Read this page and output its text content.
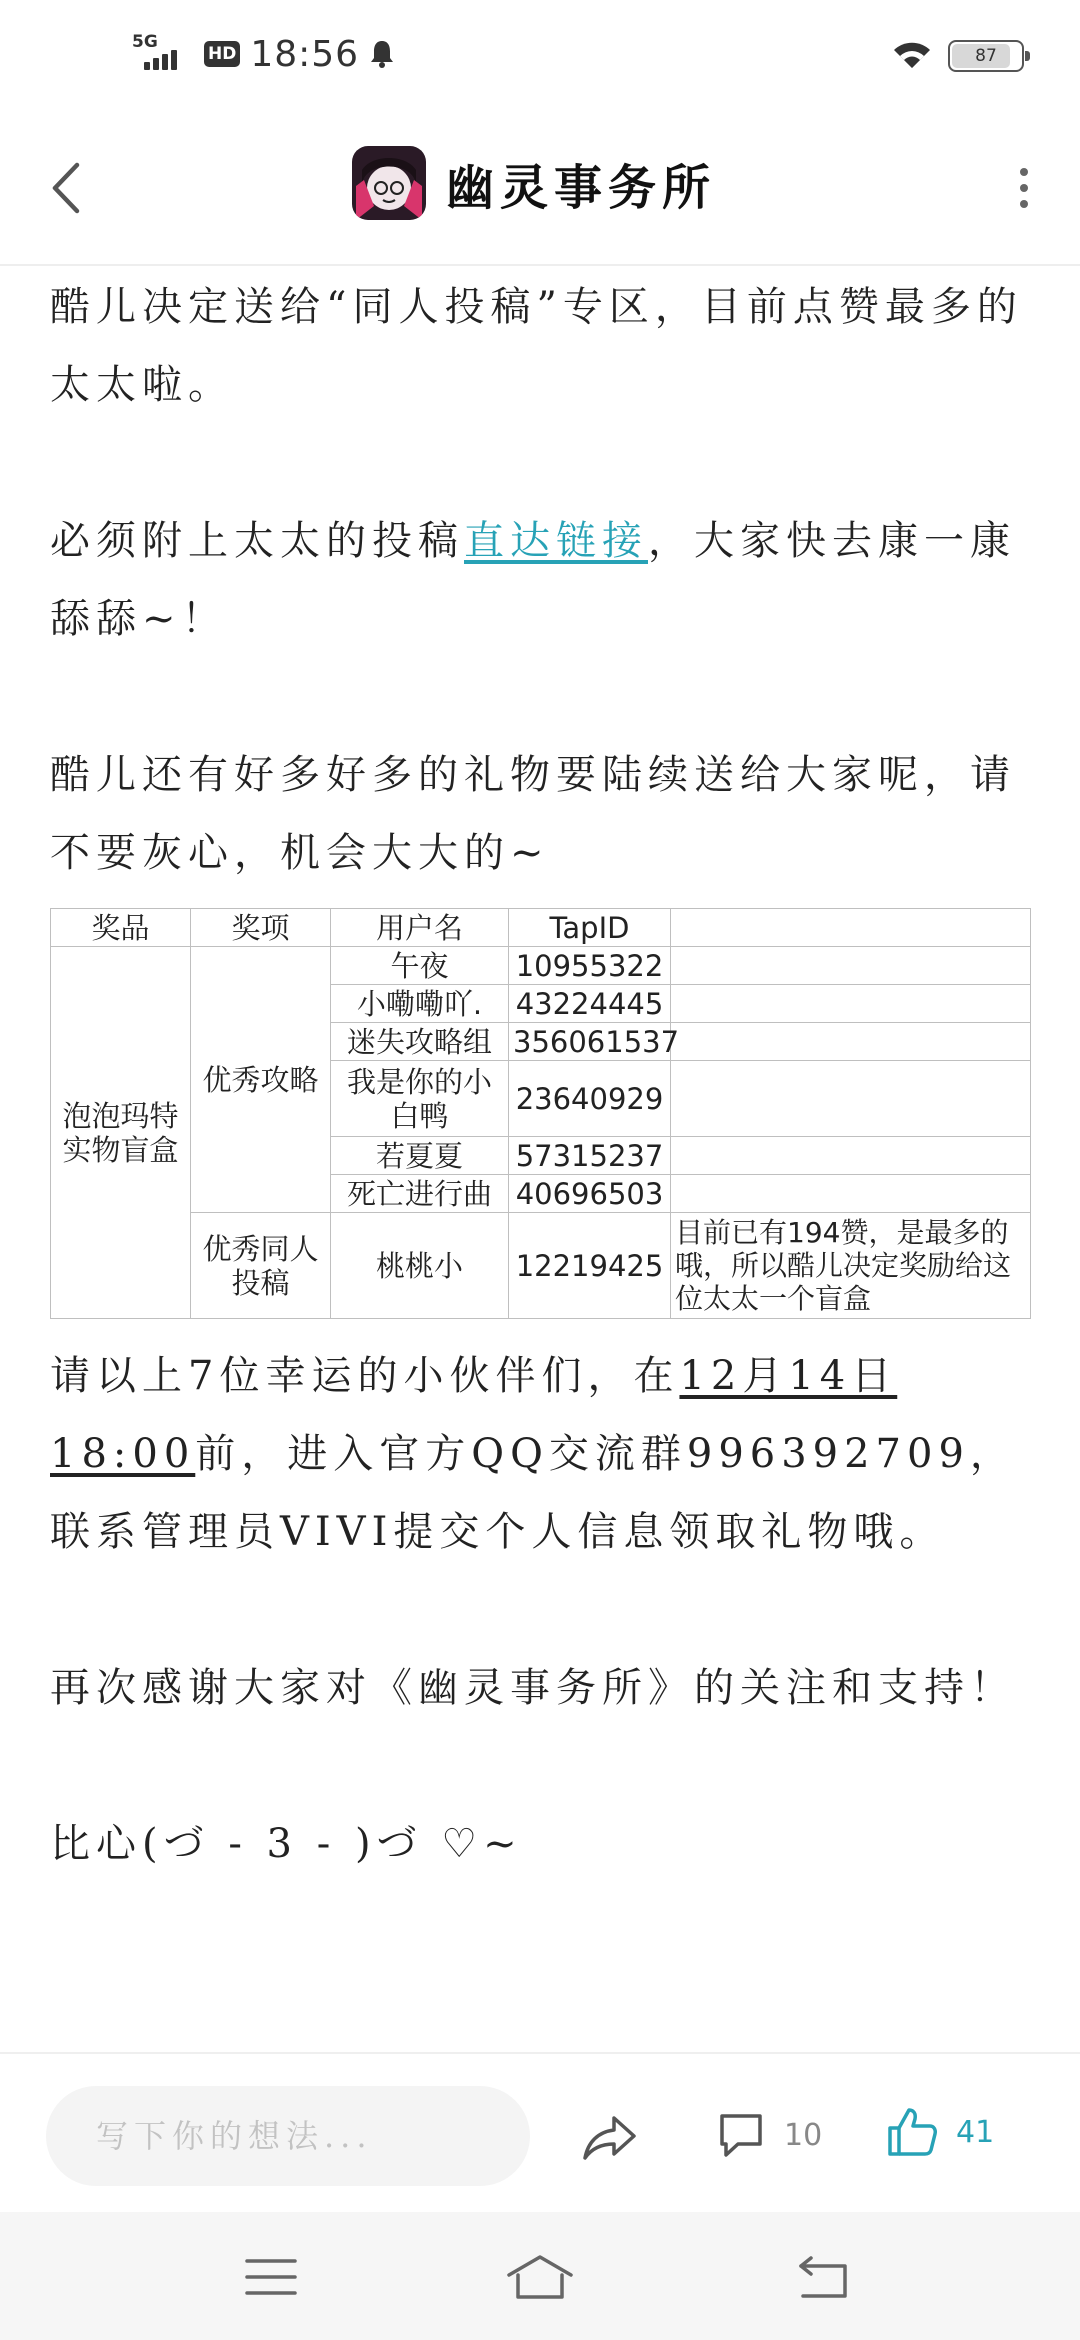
5G
HD 18:56	87
幽灵事务所

酷儿决定送给“同人投稿”专区，目前点赞最多的太太啦。

必须附上太太的投稿直达链接，大家快去康一康舔舔~！

酷儿还有好多好多的礼物要陆续送给大家呢，请不要灰心，机会大大的~

奖品	奖项	用户名	TapID	
泡泡玛特实物盲盒	优秀攻略	午夜	10955322	
		小嘞嘞吖.	43224445	
		迷失攻略组	356061537	
		我是你的小白鸭	23640929	
		若夏夏	57315237	
		死亡进行曲	40696503	
	优秀同人投稿	桃桃小	12219425	目前已有194赞，是最多的哦，所以酷儿决定奖励给这位太太一个盲盒

请以上7位幸运的小伙伴们，在12月14日18:00前，进入官方QQ交流群996392709，联系管理员VIVI提交个人信息领取礼物哦。

再次感谢大家对《幽灵事务所》的关注和支持！

比心(づ - 3 - )づ ♡~

写下你的想法...
10	41
